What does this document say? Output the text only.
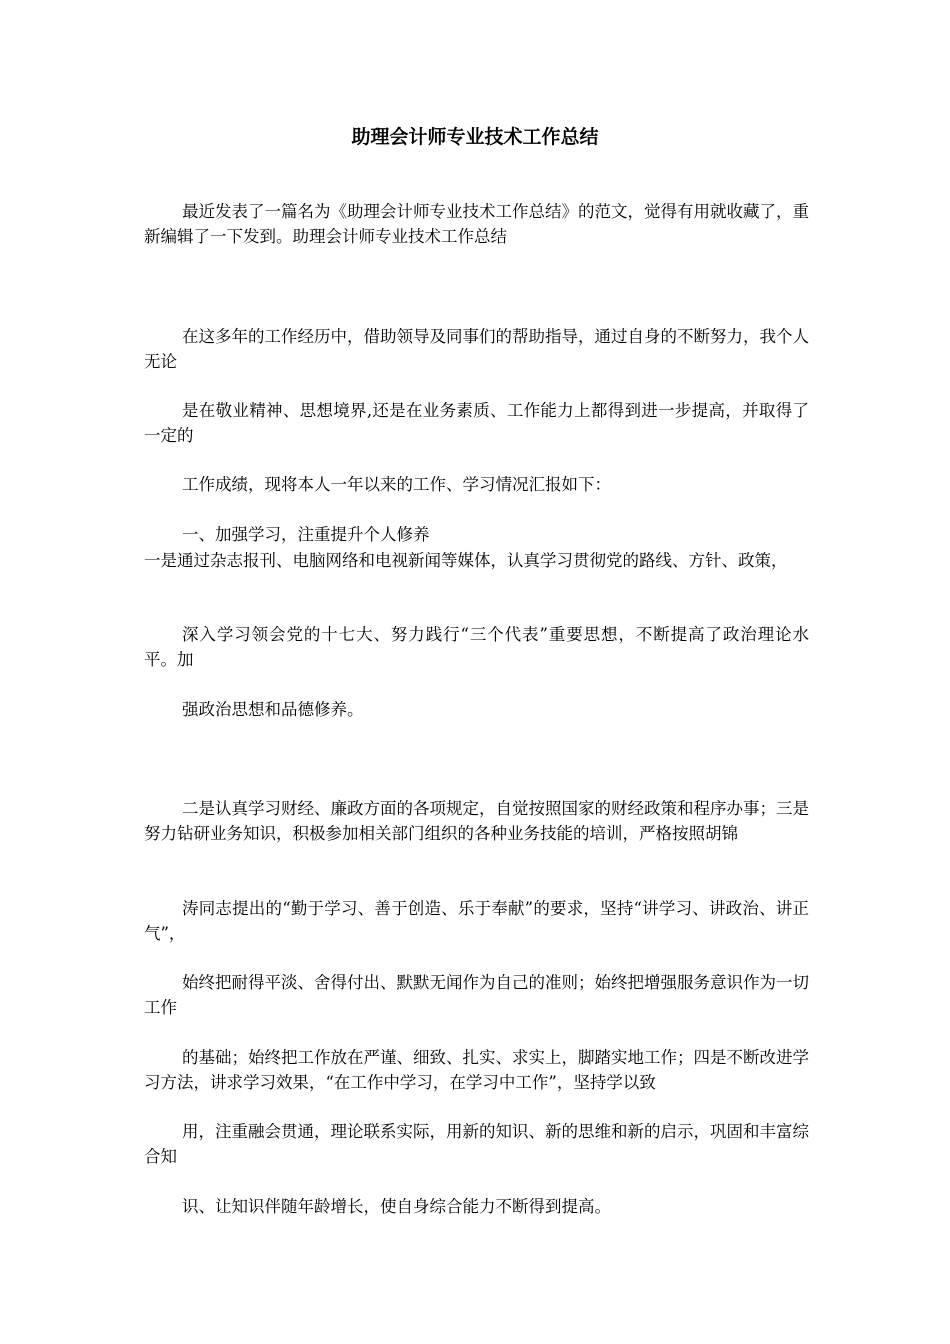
助理会计师专业技术工作总结

最近发表了一篇名为《助理会计师专业技术工作总结》的范文，觉得有用就收藏了，重新编辑了一下发到。助理会计师专业技术工作总结

在这多年的工作经历中，借助领导及同事们的帮助指导，通过自身的不断努力，我个人无论

是在敬业精神、思想境界,还是在业务素质、工作能力上都得到进一步提高，并取得了一定的

工作成绩，现将本人一年以来的工作、学习情况汇报如下：

一、加强学习，注重提升个人修养

一是通过杂志报刊、电脑网络和电视新闻等媒体，认真学习贯彻党的路线、方针、政策，

深入学习领会党的十七大、努力践行“三个代表”重要思想，不断提高了政治理论水平。加

强政治思想和品德修养。

二是认真学习财经、廉政方面的各项规定，自觉按照国家的财经政策和程序办事；三是努力钻研业务知识，积极参加相关部门组织的各种业务技能的培训，严格按照胡锦

涛同志提出的“勤于学习、善于创造、乐于奉献”的要求，坚持“讲学习、讲政治、讲正气”，

始终把耐得平淡、舍得付出、默默无闻作为自己的准则；始终把增强服务意识作为一切工作

的基础；始终把工作放在严谨、细致、扎实、求实上，脚踏实地工作；四是不断改进学习方法，讲求学习效果，“在工作中学习，在学习中工作”，坚持学以致

用，注重融会贯通，理论联系实际，用新的知识、新的思维和新的启示，巩固和丰富综合知

识、让知识伴随年龄增长，使自身综合能力不断得到提高。
